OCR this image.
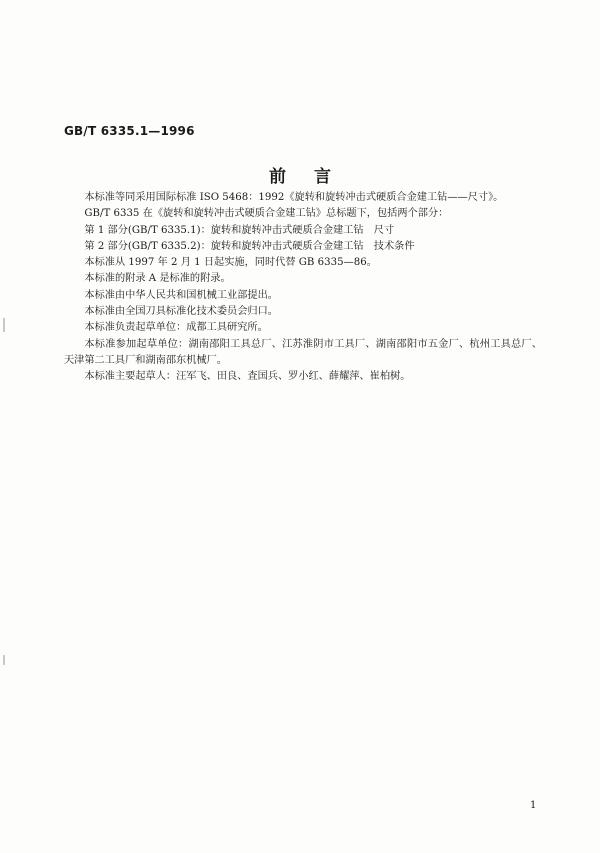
GB/T 6335.1—1996
前言

本标准等同采用国际标准 ISO 5468：1992《旋转和旋转冲击式硬质合金建工钻——尺寸》。

GB/T 6335 在《旋转和旋转冲击式硬质合金建工钻》总标题下，包括两个部分：

第 1 部分(GB/T 6335.1)：旋转和旋转冲击式硬质合金建工钻　尺寸

第 2 部分(GB/T 6335.2)：旋转和旋转冲击式硬质合金建工钻　技术条件

本标准从 1997 年 2 月 1 日起实施，同时代替 GB 6335—86。

本标准的附录 A 是标准的附录。

本标准由中华人民共和国机械工业部提出。

本标准由全国刀具标准化技术委员会归口。

本标准负责起草单位：成都工具研究所。

本标准参加起草单位：湖南邵阳工具总厂、江苏淮阴市工具厂、湖南邵阳市五金厂、杭州工具总厂、天津第二工具厂和湖南邵东机械厂。

本标准主要起草人：汪军飞、田良、査国兵、罗小红、薛耀萍、崔柏树。

1
